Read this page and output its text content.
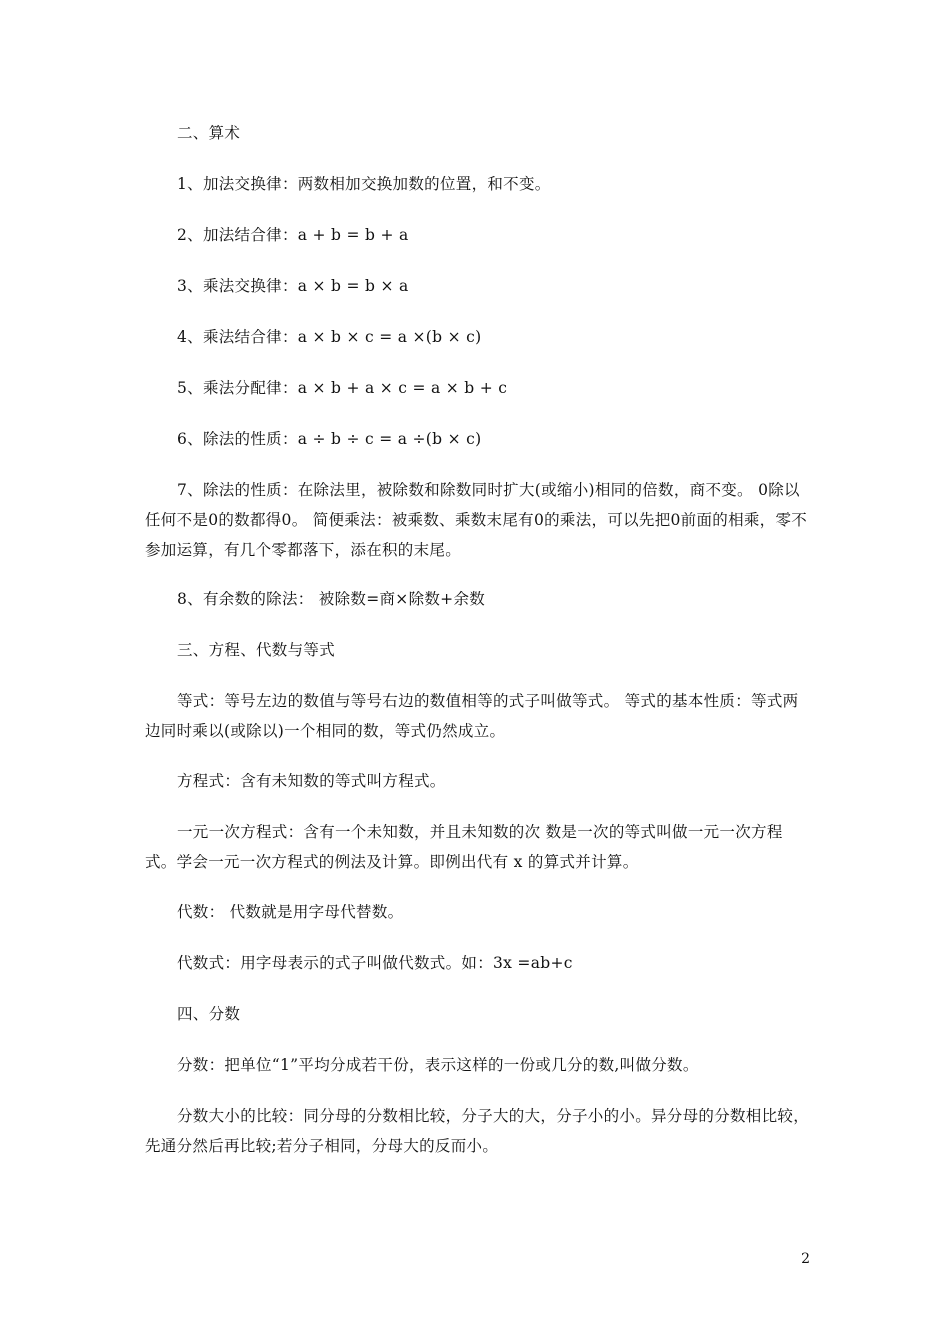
二、算术

1、加法交换律：两数相加交换加数的位置，和不变。

2、加法结合律：a + b = b + a

3、乘法交换律：a × b = b × a

4、乘法结合律：a × b × c = a ×(b × c)

5、乘法分配律：a × b + a × c = a × b + c

6、除法的性质：a ÷ b ÷ c = a ÷(b × c)

7、除法的性质：在除法里，被除数和除数同时扩大(或缩小)相同的倍数，商不变。 0除以任何不是0的数都得0。 简便乘法：被乘数、乘数末尾有0的乘法，可以先把0前面的相乘，零不参加运算，有几个零都落下，添在积的末尾。

8、有余数的除法： 被除数=商×除数+余数

三、方程、代数与等式

等式：等号左边的数值与等号右边的数值相等的式子叫做等式。 等式的基本性质：等式两边同时乘以(或除以)一个相同的数，等式仍然成立。

方程式：含有未知数的等式叫方程式。

一元一次方程式：含有一个未知数，并且未知数的次 数是一次的等式叫做一元一次方程式。学会一元一次方程式的例法及计算。即例出代有 x 的算式并计算。

代数： 代数就是用字母代替数。

代数式：用字母表示的式子叫做代数式。如：3x =ab+c

四、分数

分数：把单位“1”平均分成若干份，表示这样的一份或几分的数,叫做分数。

分数大小的比较：同分母的分数相比较，分子大的大，分子小的小。异分母的分数相比较，先通分然后再比较;若分子相同，分母大的反而小。

2
